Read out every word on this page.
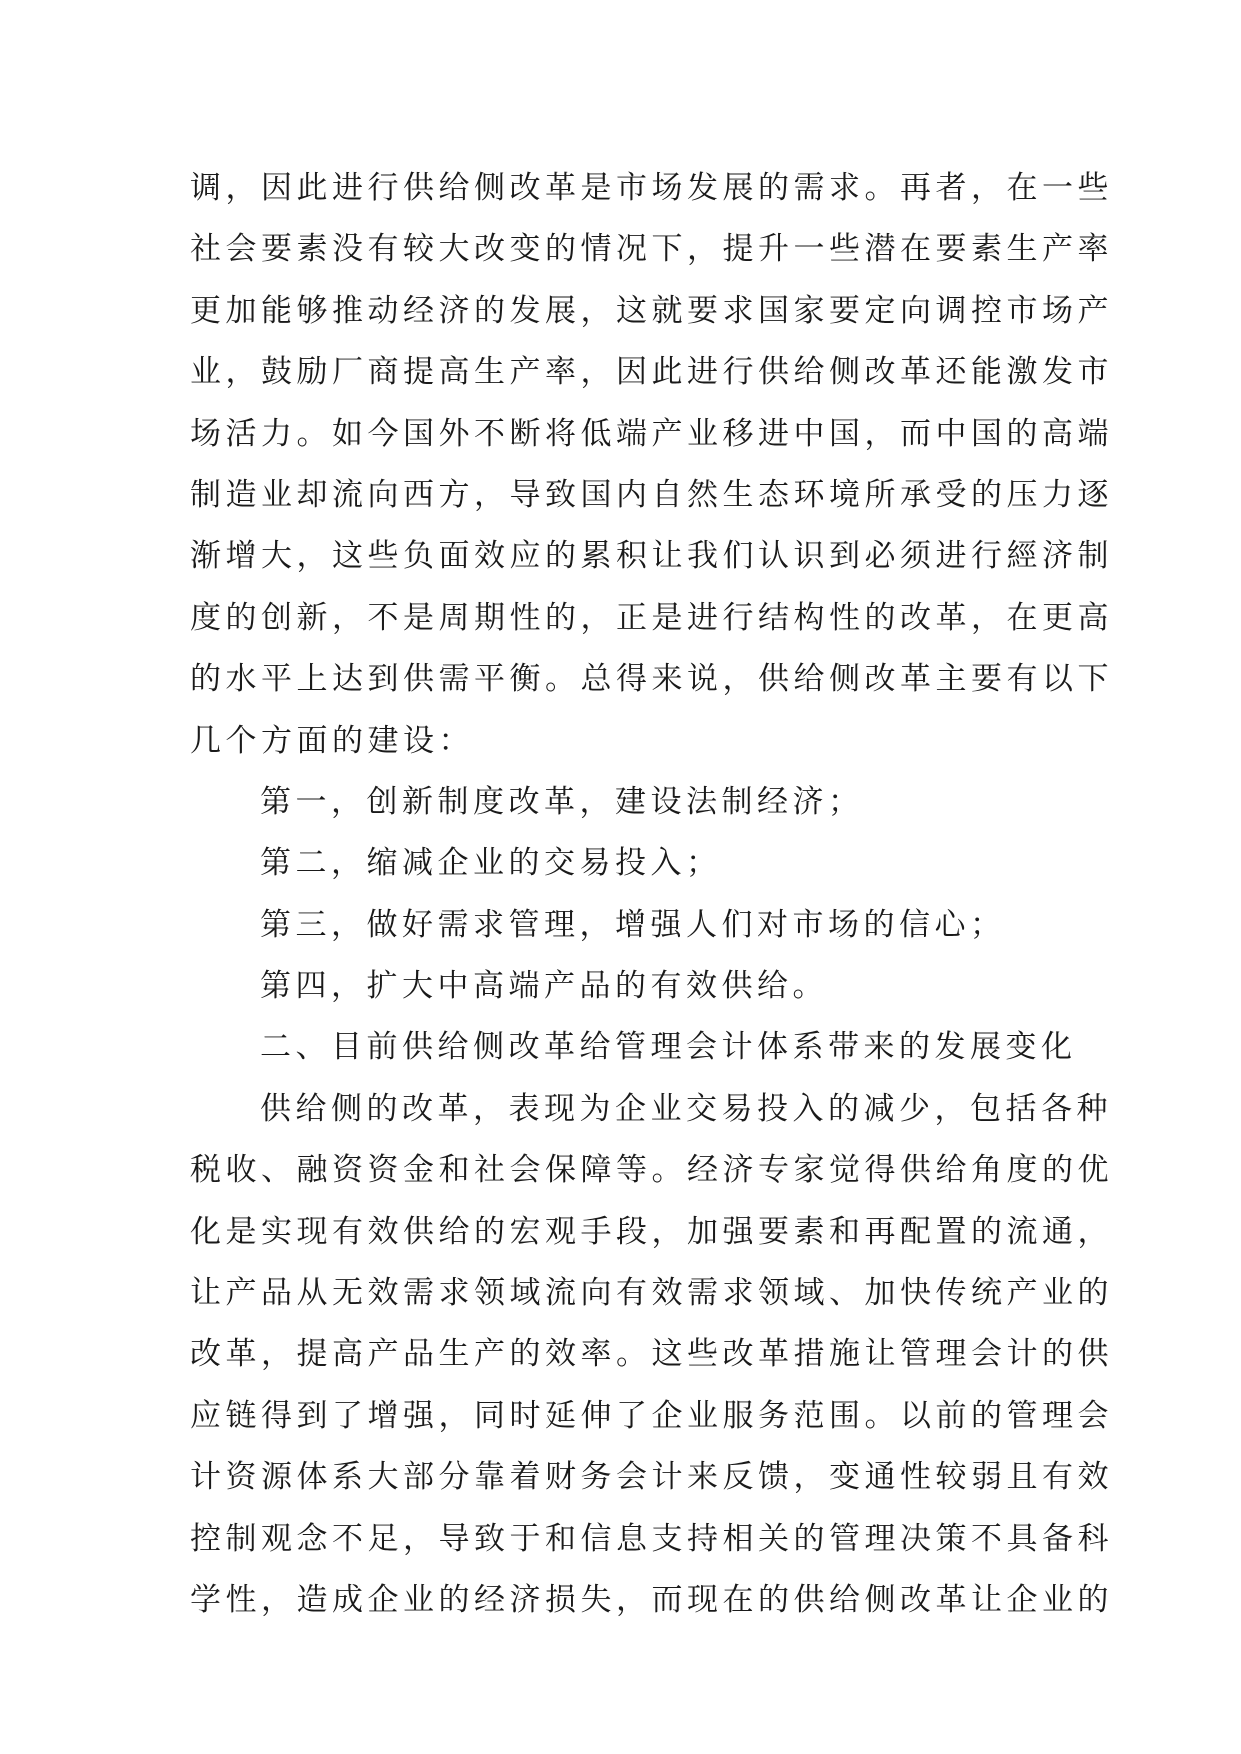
调，因此进行供给侧改革是市场发展的需求。再者，在一些
社会要素没有较大改变的情况下，提升一些潜在要素生产率
更加能够推动经济的发展，这就要求国家要定向调控市场产
业，鼓励厂商提高生产率，因此进行供给侧改革还能激发市
场活力。如今国外不断将低端产业移进中国，而中国的高端
制造业却流向西方，导致国内自然生态环境所承受的压力逐
渐增大，这些负面效应的累积让我们认识到必须进行經济制
度的创新，不是周期性的，正是进行结构性的改革，在更高
的水平上达到供需平衡。总得来说，供给侧改革主要有以下
几个方面的建设：
第一，创新制度改革，建设法制经济；
第二，缩减企业的交易投入；
第三，做好需求管理，增强人们对市场的信心；
第四，扩大中高端产品的有效供给。
二、目前供给侧改革给管理会计体系带来的发展变化
供给侧的改革，表现为企业交易投入的减少，包括各种
税收、融资资金和社会保障等。经济专家觉得供给角度的优
化是实现有效供给的宏观手段，加强要素和再配置的流通，
让产品从无效需求领域流向有效需求领域、加快传统产业的
改革，提高产品生产的效率。这些改革措施让管理会计的供
应链得到了增强，同时延伸了企业服务范围。以前的管理会
计资源体系大部分靠着财务会计来反馈，变通性较弱且有效
控制观念不足，导致于和信息支持相关的管理决策不具备科
学性，造成企业的经济损失，而现在的供给侧改革让企业的
